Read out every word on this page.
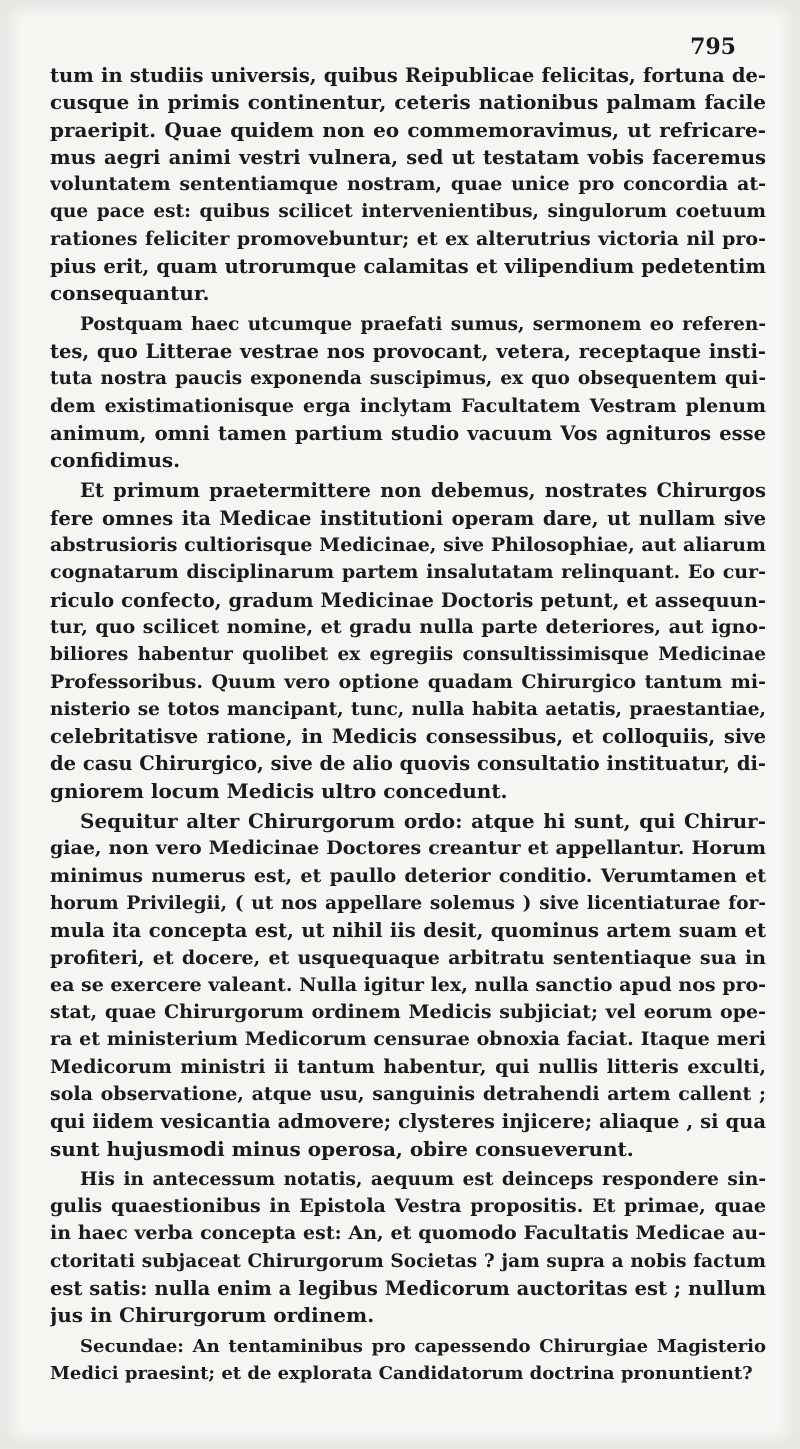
795
tum in studiis universis, quibus Reipublicae felicitas, fortuna de-
cusque in primis continentur, ceteris nationibus palmam facile
praeripit. Quae quidem non eo commemoravimus, ut refricare-
mus aegri animi vestri vulnera, sed ut testatam vobis faceremus
voluntatem sententiamque nostram, quae unice pro concordia at-
que pace est: quibus scilicet intervenientibus, singulorum coetuum
rationes feliciter promovebuntur; et ex alterutrius victoria nil pro-
pius erit, quam utrorumque calamitas et vilipendium pedetentim
consequantur.
Postquam haec utcumque praefati sumus, sermonem eo referen-
tes, quo Litterae vestrae nos provocant, vetera, receptaque insti-
tuta nostra paucis exponenda suscipimus, ex quo obsequentem qui-
dem existimationisque erga inclytam Facultatem Vestram plenum
animum, omni tamen partium studio vacuum Vos agnituros esse
confidimus.
Et primum praetermittere non debemus, nostrates Chirurgos
fere omnes ita Medicae institutioni operam dare, ut nullam sive
abstrusioris cultiorisque Medicinae, sive Philosophiae, aut aliarum
cognatarum disciplinarum partem insalutatam relinquant. Eo cur-
riculo confecto, gradum Medicinae Doctoris petunt, et assequun-
tur, quo scilicet nomine, et gradu nulla parte deteriores, aut igno-
biliores habentur quolibet ex egregiis consultissimisque Medicinae
Professoribus. Quum vero optione quadam Chirurgico tantum mi-
nisterio se totos mancipant, tunc, nulla habita aetatis, praestantiae,
celebritatisve ratione, in Medicis consessibus, et colloquiis, sive
de casu Chirurgico, sive de alio quovis consultatio instituatur, di-
gniorem locum Medicis ultro concedunt.
Sequitur alter Chirurgorum ordo: atque hi sunt, qui Chirur-
giae, non vero Medicinae Doctores creantur et appellantur. Horum
minimus numerus est, et paullo deterior conditio. Verumtamen et
horum Privilegii, ( ut nos appellare solemus ) sive licentiaturae for-
mula ita concepta est, ut nihil iis desit, quominus artem suam et
profiteri, et docere, et usquequaque arbitratu sententiaque sua in
ea se exercere valeant. Nulla igitur lex, nulla sanctio apud nos pro-
stat, quae Chirurgorum ordinem Medicis subjiciat; vel eorum ope-
ra et ministerium Medicorum censurae obnoxia faciat. Itaque meri
Medicorum ministri ii tantum habentur, qui nullis litteris exculti,
sola observatione, atque usu, sanguinis detrahendi artem callent ;
qui iidem vesicantia admovere; clysteres injicere; aliaque , si qua
sunt hujusmodi minus operosa, obire consueverunt.
His in antecessum notatis, aequum est deinceps respondere sin-
gulis quaestionibus in Epistola Vestra propositis. Et primae, quae
in haec verba concepta est: An, et quomodo Facultatis Medicae au-
ctoritati subjaceat Chirurgorum Societas ? jam supra a nobis factum
est satis: nulla enim a legibus Medicorum auctoritas est ; nullum
jus in Chirurgorum ordinem.
Secundae: An tentaminibus pro capessendo Chirurgiae Magisterio
Medici praesint; et de explorata Candidatorum doctrina pronuntient?
